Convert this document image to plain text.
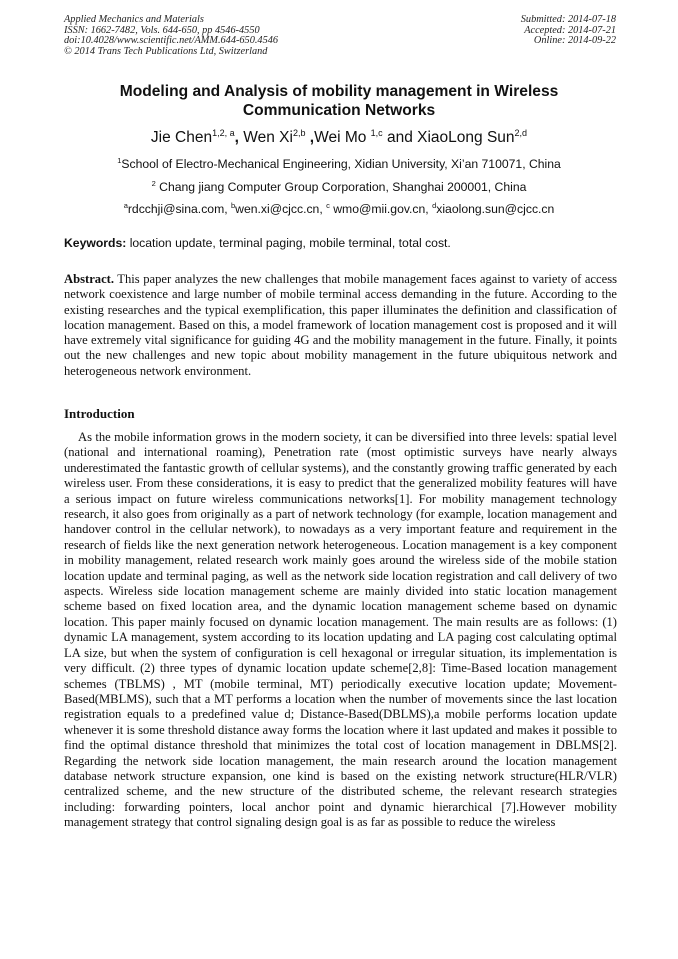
Applied Mechanics and Materials
ISSN: 1662-7482, Vols. 644-650, pp 4546-4550
doi:10.4028/www.scientific.net/AMM.644-650.4546
© 2014 Trans Tech Publications Ltd, Switzerland
Submitted: 2014-07-18
Accepted: 2014-07-21
Online: 2014-09-22
Modeling and Analysis of mobility management in Wireless
Communication Networks
Jie Chen$^{1,2, a}$, Wen Xi$^{2,b}$ ,Wei Mo $^{1,c}$ and XiaoLong Sun$^{2,d}$
$^1$School of Electro-Mechanical Engineering, Xidian University, Xi’an 710071, China
$^2$ Chang jiang Computer Group Corporation, Shanghai 200001, China
$^a$rdcchji@sina.com, $^b$wen.xi@cjcc.cn, $^c$ wmo@mii.gov.cn, $^d$xiaolong.sun@cjcc.cn
Keywords: location update, terminal paging, mobile terminal, total cost.

Abstract. This paper analyzes the new challenges that mobile management faces against to variety of access network coexistence and large number of mobile terminal access demanding in the future. According to the existing researches and the typical exemplification, this paper illuminates the definition and classification of location management. Based on this, a model framework of location management cost is proposed and it will have extremely vital significance for guiding 4G and the mobility management in the future. Finally, it points out the new challenges and new topic about mobility management in the future ubiquitous network and heterogeneous network environment.

Introduction

As the mobile information grows in the modern society, it can be diversified into three levels: spatial level (national and international roaming), Penetration rate (most optimistic surveys have nearly always underestimated the fantastic growth of cellular systems), and the constantly growing traffic generated by each wireless user. From these considerations, it is easy to predict that the generalized mobility features will have a serious impact on future wireless communications networks[1]. For mobility management technology research, it also goes from originally as a part of network technology (for example, location management and handover control in the cellular network), to nowadays as a very important feature and requirement in the research of fields like the next generation network heterogeneous. Location management is a key component in mobility management, related research work mainly goes around the wireless side of the mobile station location update and terminal paging, as well as the network side location registration and call delivery of two aspects. Wireless side location management scheme are mainly divided into static location management scheme based on fixed location area, and the dynamic location management scheme based on dynamic location. This paper mainly focused on dynamic location management. The main results are as follows: (1) dynamic LA management, system according to its location updating and LA paging cost calculating optimal LA size, but when the system of configuration is cell hexagonal or irregular situation, its implementation is very difficult. (2) three types of dynamic location update scheme[2,8]: Time-Based location management schemes (TBLMS) , MT (mobile terminal, MT) periodically executive location update; Movement-Based(MBLMS), such that a MT performs a location when the number of movements since the last location registration equals to a predefined value d; Distance-Based(DBLMS),a mobile performs location update whenever it is some threshold distance away forms the location where it last updated and makes it possible to find the optimal distance threshold that minimizes the total cost of location management in DBLMS[2]. Regarding the network side location management, the main research around the location management database network structure expansion, one kind is based on the existing network structure(HLR/VLR) centralized scheme, and the new structure of the distributed scheme, the relevant research strategies including: forwarding pointers, local anchor point and dynamic hierarchical [7].However mobility management strategy that control signaling design goal is as far as possible to reduce the wireless
